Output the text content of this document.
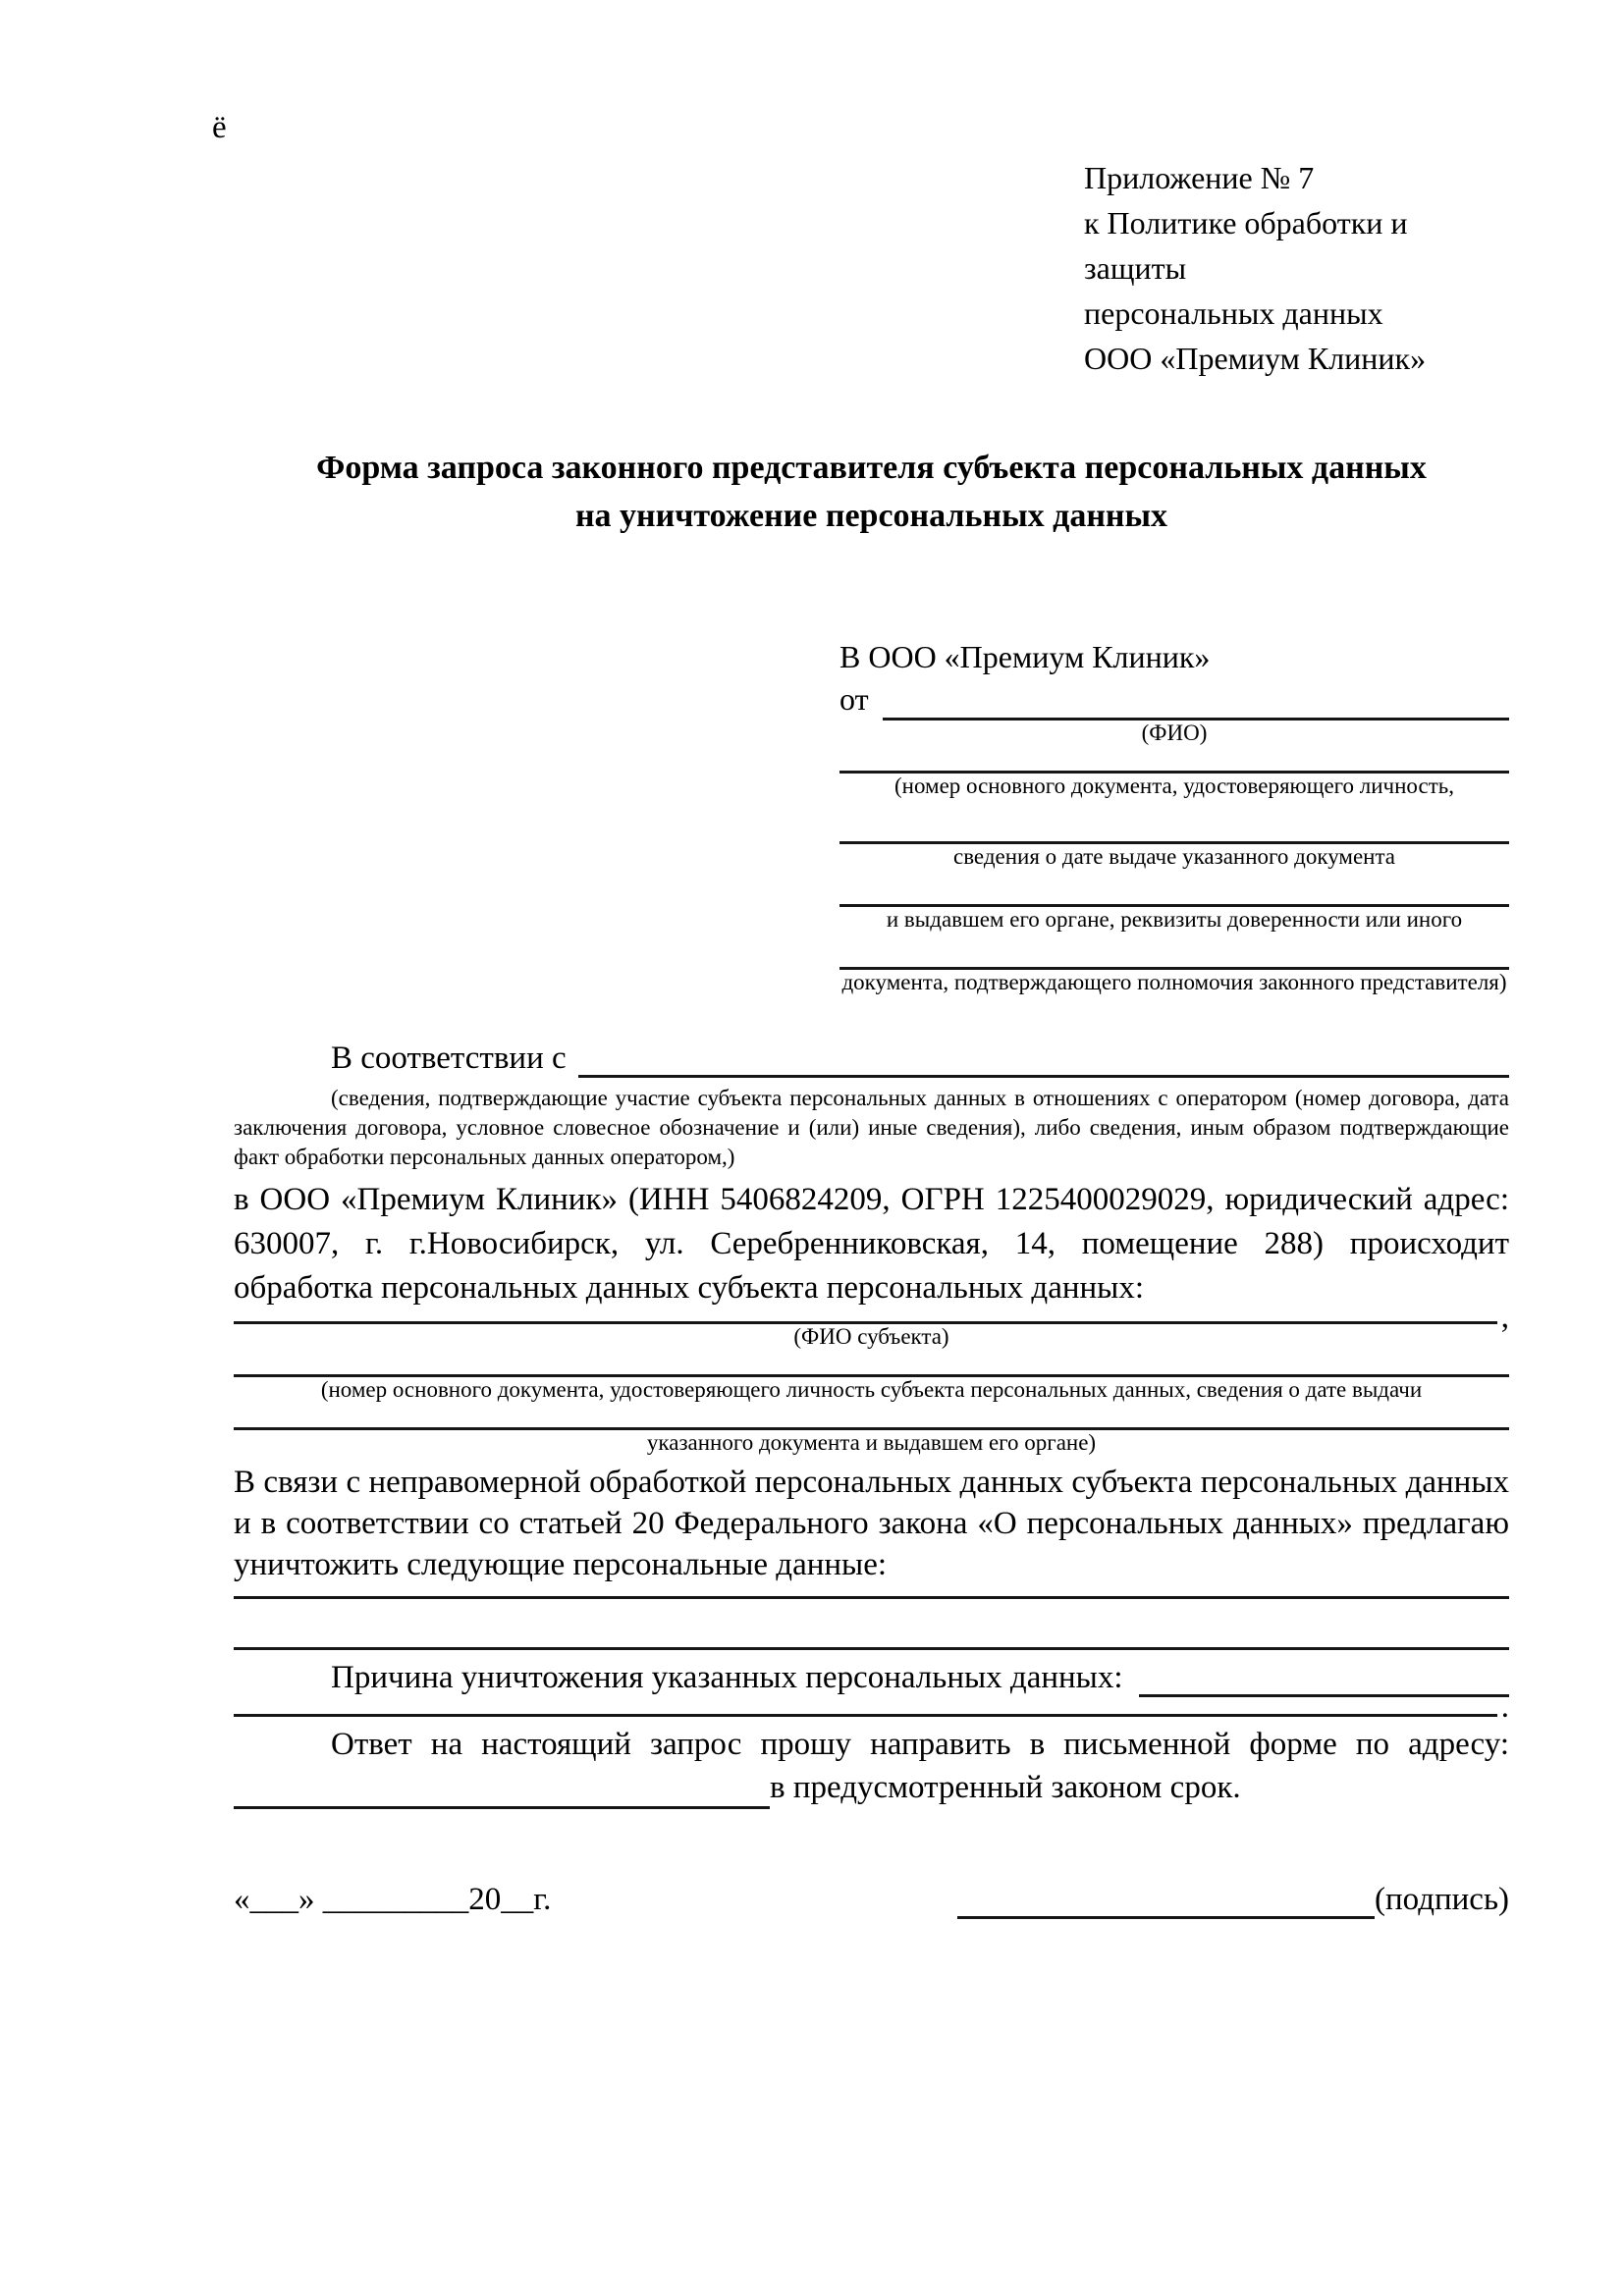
ё
Приложение № 7
к Политике обработки и защиты
персональных данных
ООО «Премиум Клиник»
Форма запроса законного представителя субъекта персональных данных
на уничтожение персональных данных
В ООО «Премиум Клиник»
от
(ФИО)
(номер основного документа, удостоверяющего личность,
сведения о дате выдаче указанного документа
и выдавшем его органе, реквизиты доверенности или иного
документа, подтверждающего полномочия законного представителя)
В соответствии с
(сведения, подтверждающие участие субъекта персональных данных в отношениях с оператором (номер договора, дата заключения договора, условное словесное обозначение и (или) иные сведения), либо сведения, иным образом подтверждающие факт обработки персональных данных оператором,)
в ООО «Премиум Клиник» (ИНН 5406824209, ОГРН 1225400029029, юридический адрес: 630007, г. г.Новосибирск, ул. Серебренниковская, 14, помещение 288) происходит обработка персональных данных субъекта персональных данных:
,
(ФИО субъекта)
(номер основного документа, удостоверяющего личность субъекта персональных данных, сведения о дате выдачи
указанного документа и выдавшем его органе)
В связи с неправомерной обработкой персональных данных субъекта персональных данных и в соответствии со статьей 20 Федерального закона «О персональных данных» предлагаю уничтожить следующие персональные данные:
Причина уничтожения указанных персональных данных:
.
Ответ на настоящий запрос прошу направить в письменной форме по адресу:
в предусмотренный законом срок.
«___» _________20__г.	(подпись)
